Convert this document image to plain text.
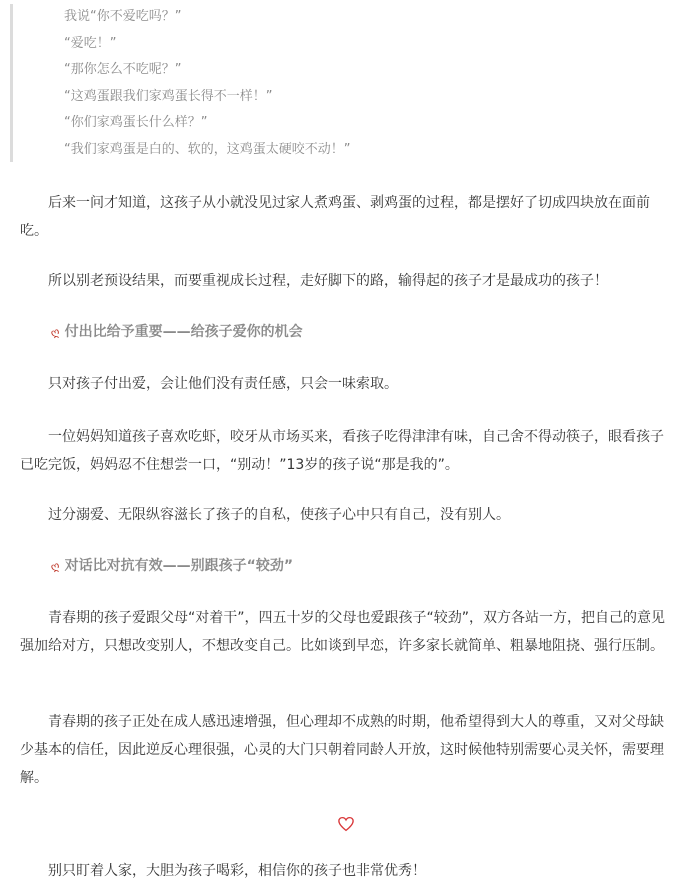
我说“你不爱吃吗？”
“爱吃！”
“那你怎么不吃呢？”
“这鸡蛋跟我们家鸡蛋长得不一样！”
“你们家鸡蛋长什么样？”
“我们家鸡蛋是白的、软的，这鸡蛋太硬咬不动！”

后来一问才知道，这孩子从小就没见过家人煮鸡蛋、剥鸡蛋的过程，都是摆好了切成四块放在面前吃。

所以别老预设结果，而要重视成长过程，走好脚下的路，输得起的孩子才是最成功的孩子！

ღ 付出比给予重要——给孩子爱你的机会

只对孩子付出爱，会让他们没有责任感，只会一味索取。

一位妈妈知道孩子喜欢吃虾，咬牙从市场买来，看孩子吃得津津有味，自己舍不得动筷子，眼看孩子已吃完饭，妈妈忍不住想尝一口，“别动！”13岁的孩子说“那是我的”。

过分溺爱、无限纵容滋长了孩子的自私，使孩子心中只有自己，没有别人。

ღ 对话比对抗有效——别跟孩子“较劲”

青春期的孩子爱跟父母“对着干”，四五十岁的父母也爱跟孩子“较劲”，双方各站一方，把自己的意见强加给对方，只想改变别人，不想改变自己。比如谈到早恋，许多家长就简单、粗暴地阻挠、强行压制。

青春期的孩子正处在成人感迅速增强，但心理却不成熟的时期，他希望得到大人的尊重，又对父母缺少基本的信任，因此逆反心理很强，心灵的大门只朝着同龄人开放，这时候他特别需要心灵关怀，需要理解。

别只盯着人家，大胆为孩子喝彩，相信你的孩子也非常优秀！
